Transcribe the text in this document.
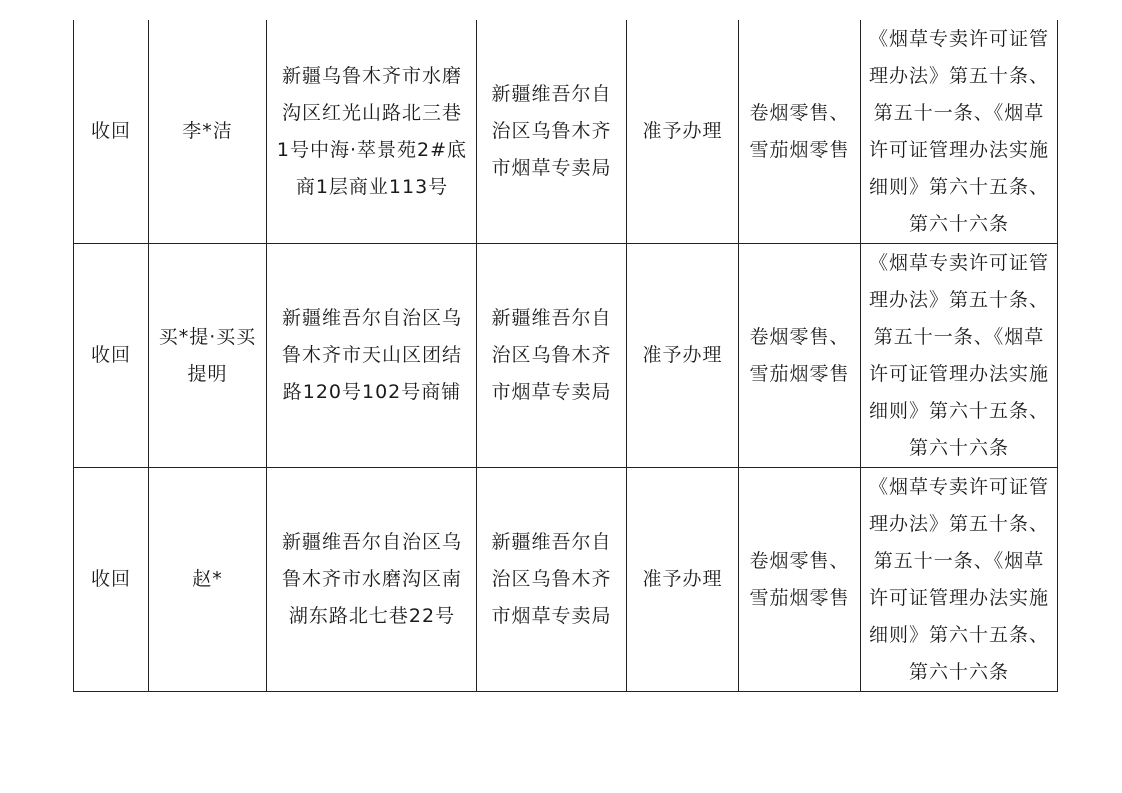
收回	李*洁	新疆乌鲁木齐市水磨沟区红光山路北三巷1号中海·萃景苑2#底商1层商业113号	新疆维吾尔自治区乌鲁木齐市烟草专卖局	准予办理	卷烟零售、雪茄烟零售	《烟草专卖许可证管理办法》第五十条、第五十一条、《烟草许可证管理办法实施细则》第六十五条、第六十六条

收回	买*提·买买提明	新疆维吾尔自治区乌鲁木齐市天山区团结路120号102号商铺	新疆维吾尔自治区乌鲁木齐市烟草专卖局	准予办理	卷烟零售、雪茄烟零售	《烟草专卖许可证管理办法》第五十条、第五十一条、《烟草许可证管理办法实施细则》第六十五条、第六十六条

收回	赵*	新疆维吾尔自治区乌鲁木齐市水磨沟区南湖东路北七巷22号	新疆维吾尔自治区乌鲁木齐市烟草专卖局	准予办理	卷烟零售、雪茄烟零售	《烟草专卖许可证管理办法》第五十条、第五十一条、《烟草许可证管理办法实施细则》第六十五条、第六十六条
